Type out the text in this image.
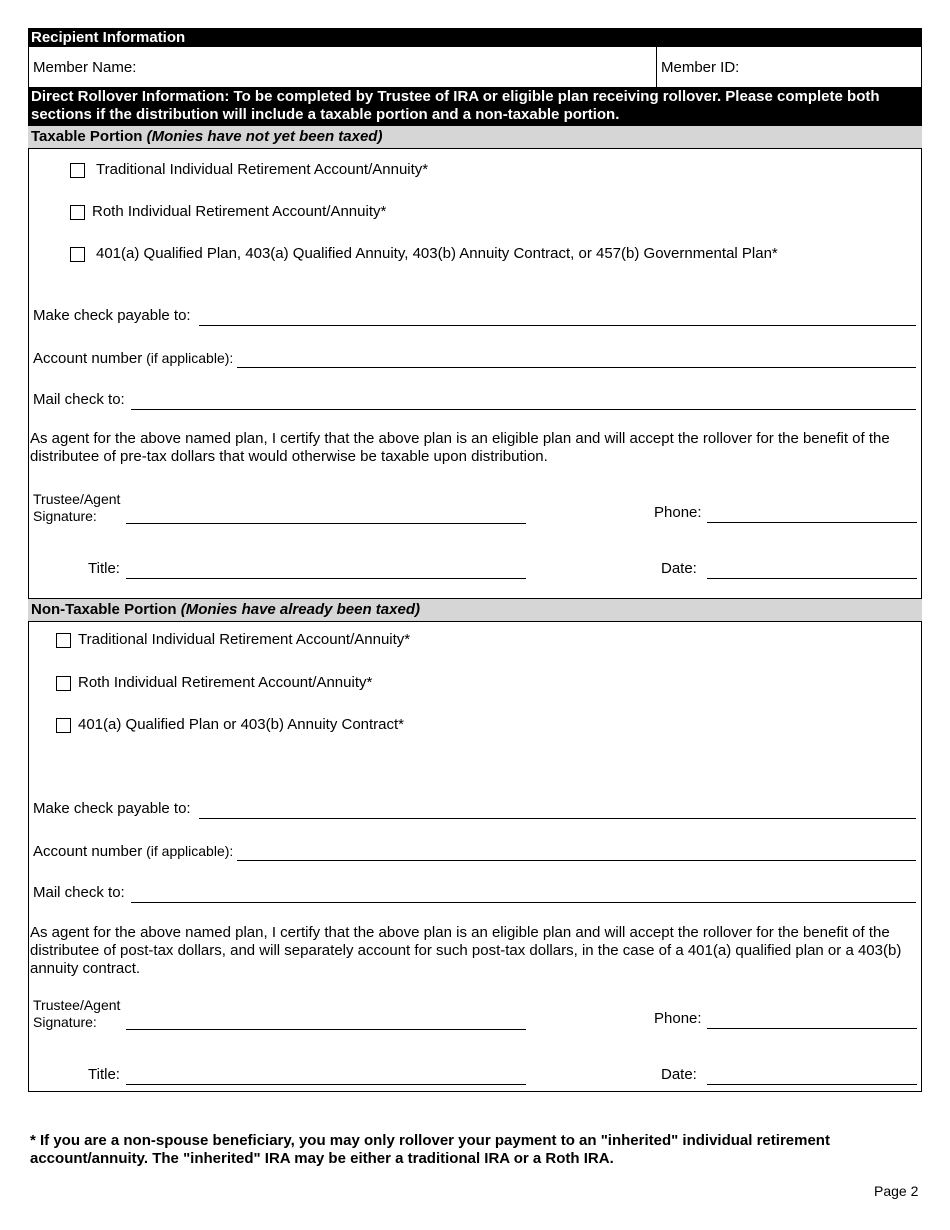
Recipient Information
Member Name:	Member ID:
Direct Rollover Information: To be completed by Trustee of IRA or eligible plan receiving rollover. Please complete both sections if the distribution will include a taxable portion and a non-taxable portion.
Taxable Portion (Monies have not yet been taxed)
Traditional Individual Retirement Account/Annuity*
Roth Individual Retirement Account/Annuity*
401(a) Qualified Plan, 403(a) Qualified Annuity, 403(b) Annuity Contract, or 457(b) Governmental Plan*
Make check payable to:
Account number (if applicable):
Mail check to:
As agent for the above named plan, I certify that the above plan is an eligible plan and will accept the rollover for the benefit of the distributee of pre-tax dollars that would otherwise be taxable upon distribution.
Trustee/Agent
Signature:	Phone:
Title:	Date:
Non-Taxable Portion (Monies have already been taxed)
Traditional Individual Retirement Account/Annuity*
Roth Individual Retirement Account/Annuity*
401(a) Qualified Plan or 403(b) Annuity Contract*
Make check payable to:
Account number (if applicable):
Mail check to:
As agent for the above named plan, I certify that the above plan is an eligible plan and will accept the rollover for the benefit of the distributee of post-tax dollars, and will separately account for such post-tax dollars, in the case of a 401(a) qualified plan or a 403(b) annuity contract.
Trustee/Agent
Signature:	Phone:
Title:	Date:
* If you are a non-spouse beneficiary, you may only rollover your payment to an "inherited" individual retirement account/annuity. The "inherited" IRA may be either a traditional IRA or a Roth IRA.
Page 2
